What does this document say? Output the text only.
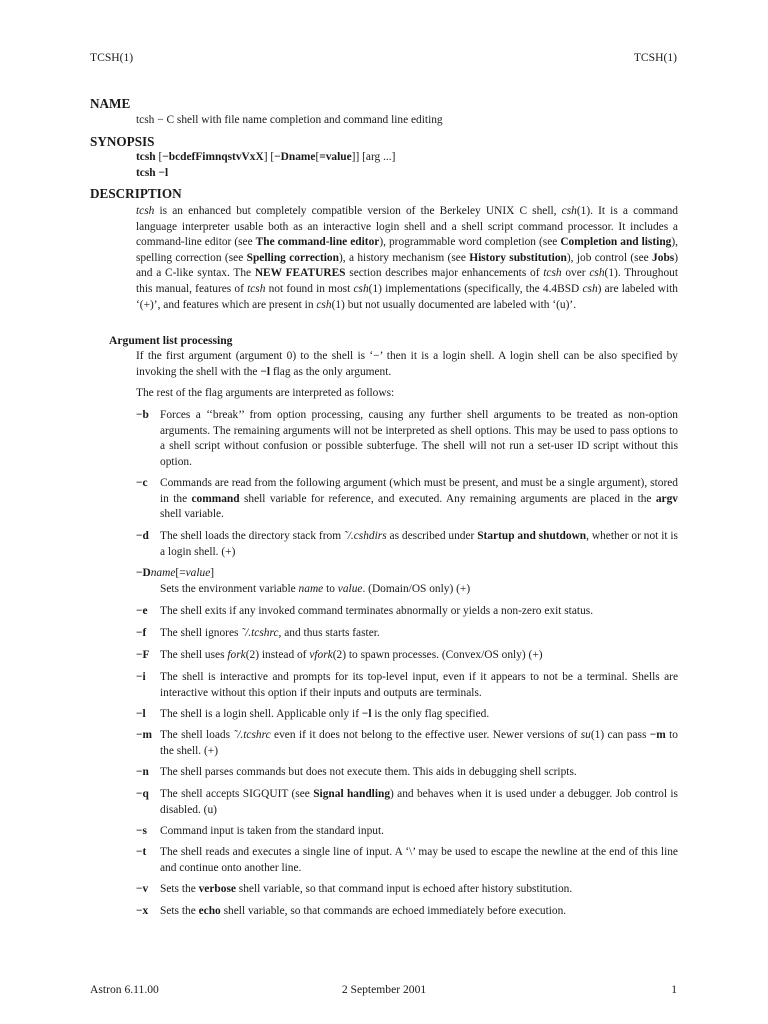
TCSH(1)	TCSH(1)
NAME
tcsh − C shell with file name completion and command line editing
SYNOPSIS
tcsh [−bcdefFimnqstvVxX] [−Dname[=value]] [arg ...]
tcsh −l
DESCRIPTION
tcsh is an enhanced but completely compatible version of the Berkeley UNIX C shell, csh(1). It is a command language interpreter usable both as an interactive login shell and a shell script command processor. It includes a command-line editor (see The command-line editor), programmable word completion (see Completion and listing), spelling correction (see Spelling correction), a history mechanism (see History substitution), job control (see Jobs) and a C-like syntax. The NEW FEATURES section describes major enhancements of tcsh over csh(1). Throughout this manual, features of tcsh not found in most csh(1) implementations (specifically, the 4.4BSD csh) are labeled with ‘(+)’, and features which are present in csh(1) but not usually documented are labeled with ‘(u)’.
Argument list processing
If the first argument (argument 0) to the shell is ‘−’ then it is a login shell. A login shell can be also specified by invoking the shell with the −l flag as the only argument.
The rest of the flag arguments are interpreted as follows:
−b Forces a ‘‘break’’ from option processing, causing any further shell arguments to be treated as non-option arguments. The remaining arguments will not be interpreted as shell options. This may be used to pass options to a shell script without confusion or possible subterfuge. The shell will not run a set-user ID script without this option.
−c Commands are read from the following argument (which must be present, and must be a single argument), stored in the command shell variable for reference, and executed. Any remaining arguments are placed in the argv shell variable.
−d The shell loads the directory stack from ˜/.cshdirs as described under Startup and shutdown, whether or not it is a login shell. (+)
−Dname[=value]
Sets the environment variable name to value. (Domain/OS only) (+)
−e The shell exits if any invoked command terminates abnormally or yields a non-zero exit status.
−f The shell ignores ˜/.tcshrc, and thus starts faster.
−F The shell uses fork(2) instead of vfork(2) to spawn processes. (Convex/OS only) (+)
−i The shell is interactive and prompts for its top-level input, even if it appears to not be a terminal. Shells are interactive without this option if their inputs and outputs are terminals.
−l The shell is a login shell. Applicable only if −l is the only flag specified.
−m The shell loads ˜/.tcshrc even if it does not belong to the effective user. Newer versions of su(1) can pass −m to the shell. (+)
−n The shell parses commands but does not execute them. This aids in debugging shell scripts.
−q The shell accepts SIGQUIT (see Signal handling) and behaves when it is used under a debugger. Job control is disabled. (u)
−s Command input is taken from the standard input.
−t The shell reads and executes a single line of input. A ‘\’ may be used to escape the newline at the end of this line and continue onto another line.
−v Sets the verbose shell variable, so that command input is echoed after history substitution.
−x Sets the echo shell variable, so that commands are echoed immediately before execution.
Astron 6.11.00	2 September 2001	1
